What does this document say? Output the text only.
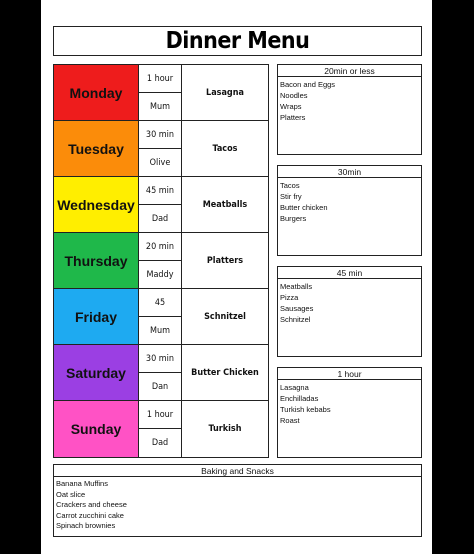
Dinner Menu
Monday
1 hour
Mum
Lasagna
Tuesday
30 min
Olive
Tacos
Wednesday
45 min
Dad
Meatballs
Thursday
20 min
Maddy
Platters
Friday
45
Mum
Schnitzel
Saturday
30 min
Dan
Butter Chicken
Sunday
1 hour
Dad
Turkish
20min or less
Bacon and Eggs
Noodles
Wraps
Platters
30min
Tacos
Stir fry
Butter chicken
Burgers
45 min
Meatballs
Pizza
Sausages
Schnitzel
1 hour
Lasagna
Enchilladas
Turkish kebabs
Roast
Baking and Snacks
Banana Muffins
Oat slice
Crackers and cheese
Carrot zucchini cake
Spinach brownies
